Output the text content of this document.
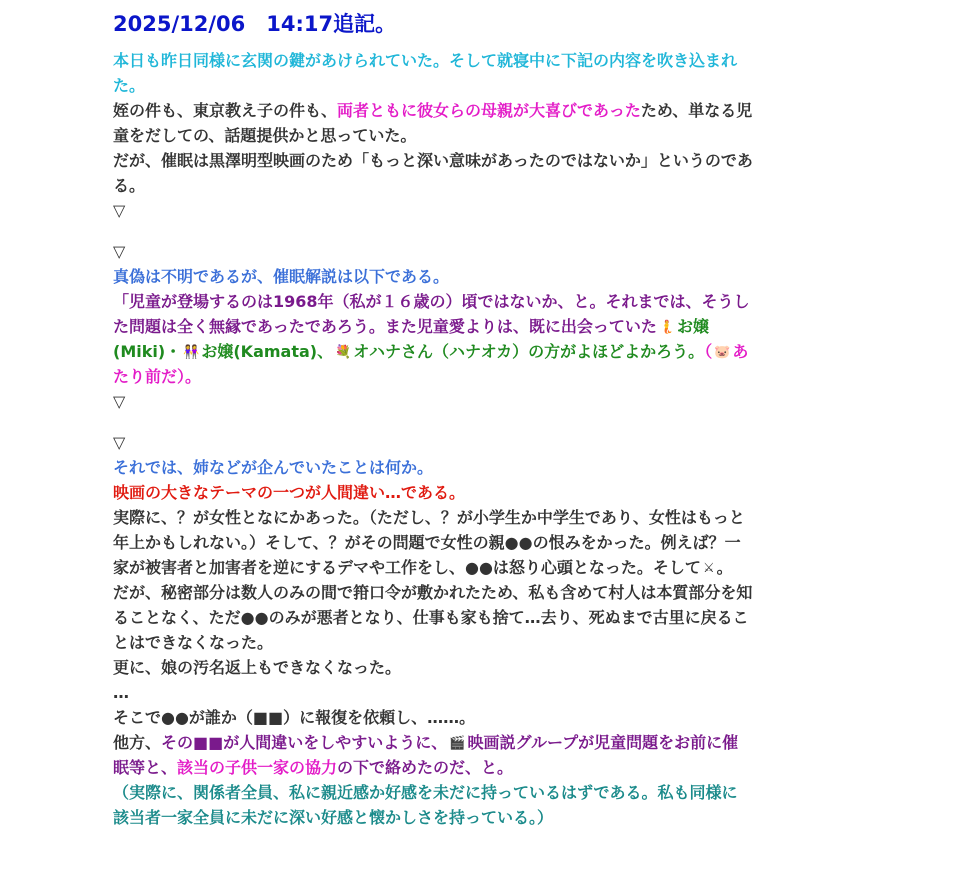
2025/12/06　14:17追記。
本日も昨日同様に玄関の鍵があけられていた。そして就寝中に下記の内容を吹き込まれた。
姪の件も、東京教え子の件も、両者ともに彼女らの母親が大喜びであったため、単なる児童をだしての、話題提供かと思っていた。
だが、催眠は黒澤明型映画のため「もっと深い意味があったのではないか」というのである。
▽
▽
真偽は不明であるが、催眠解説は以下である。
「児童が登場するのは1968年（私が１６歳の）頃ではないか、と。それまでは、そうした問題は全く無縁であったであろう。また児童愛よりは、既に出会っていた 🧜 お嬢(Miki)・ 👭 お嬢(Kamata)、 💐 オハナさん（ハナオカ）の方がよほどよかろう。（ 🐷 あたり前だ）。
▽
▽
それでは、姉などが企んでいたことは何か。
映画の大きなテーマの一つが人間違い…である。
実際に、？が女性となにかあった。（ただし、？が小学生か中学生であり、女性はもっと年上かもしれない。）そして、？がその問題で女性の親●●の恨みをかった。例えば？一家が被害者と加害者を逆にするデマや工作をし、●●は怒り心頭となった。そして ⚔ 。
だが、秘密部分は数人のみの間で箝口令が敷かれたため、私も含めて村人は本質部分を知ることなく、ただ●●のみが悪者となり、仕事も家も捨て…去り、死ぬまで古里に戻ることはできなくなった。
更に、娘の汚名返上もできなくなった。
…
そこで●●が誰か（■■）に報復を依頼し、……。
他方、その■■が人間違いをしやすいように、 🎬 映画説グループが児童問題をお前に催眠等と、該当の子供一家の協力の下で絡めたのだ、と。
（実際に、関係者全員、私に親近感か好感を未だに持っているはずである。私も同様に該当者一家全員に未だに深い好感と懐かしさを持っている。）
